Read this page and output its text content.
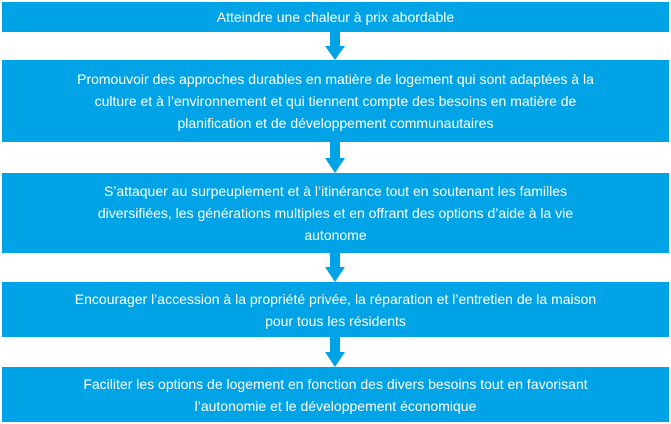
Atteindre une chaleur à prix abordable
Promouvoir des approches durables en matière de logement qui sont adaptées à la
culture et à l’environnement et qui tiennent compte des besoins en matière de
planification et de développement communautaires
S’attaquer au surpeuplement et à l’itinérance tout en soutenant les familles
diversifiées, les générations multiples et en offrant des options d’aide à la vie
autonome
Encourager l’accession à la propriété privée, la réparation et l’entretien de la maison
pour tous les résidents
Faciliter les options de logement en fonction des divers besoins tout en favorisant
l’autonomie et le développement économique
